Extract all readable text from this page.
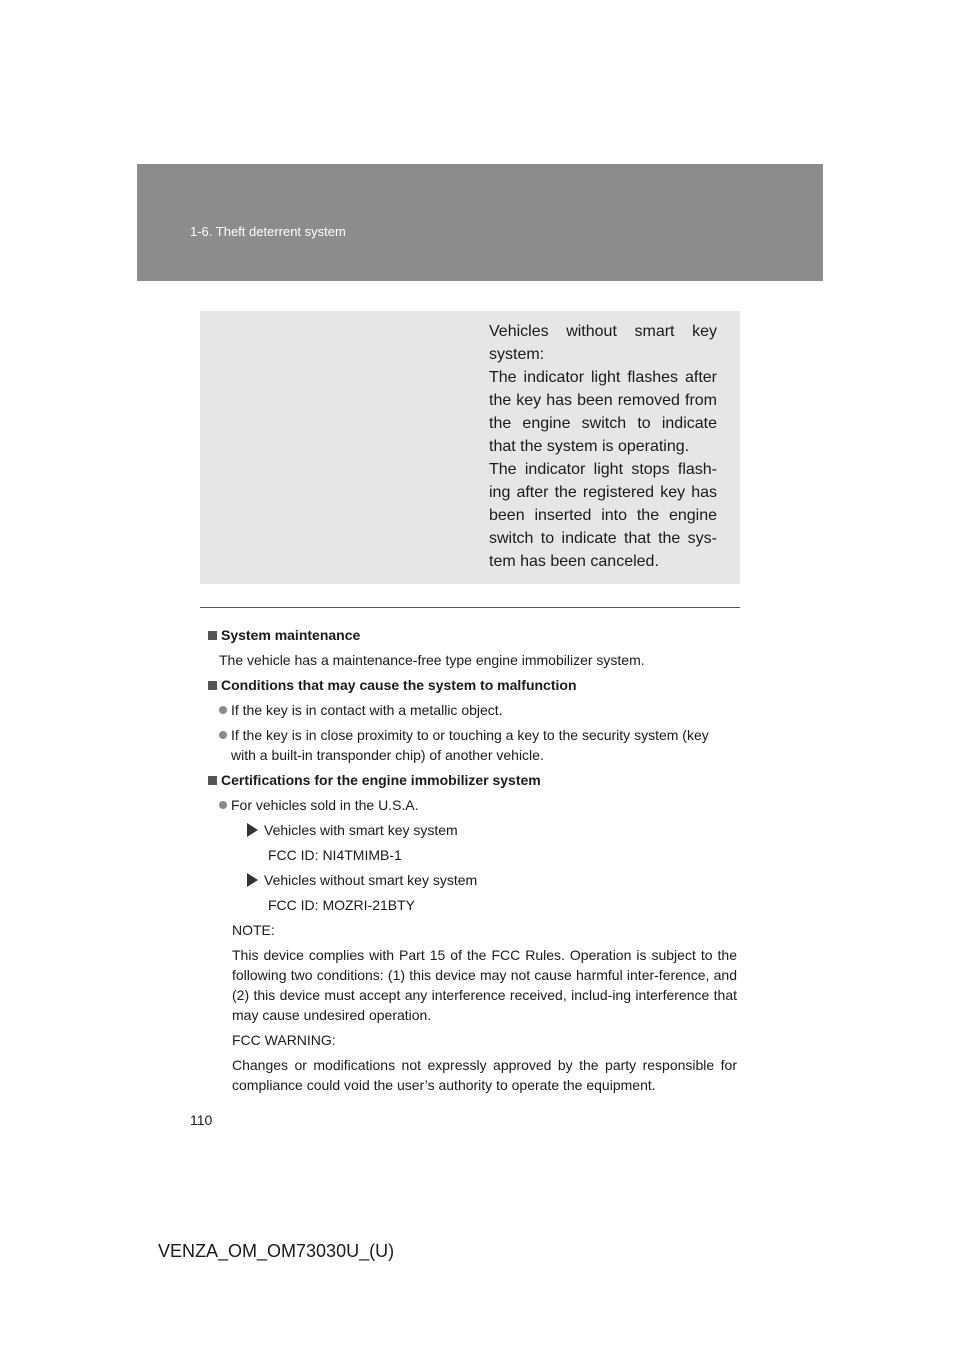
1-6. Theft deterrent system

Vehicles without smart key system:

The indicator light flashes after the key has been removed from the engine switch to indicate that the system is operating.

The indicator light stops flash-ing after the registered key has been inserted into the engine switch to indicate that the sys-tem has been canceled.

System maintenance

The vehicle has a maintenance-free type engine immobilizer system.

Conditions that may cause the system to malfunction

If the key is in contact with a metallic object.

If the key is in close proximity to or touching a key to the security system (key with a built-in transponder chip) of another vehicle.

Certifications for the engine immobilizer system

For vehicles sold in the U.S.A.

Vehicles with smart key system

FCC ID: NI4TMIMB-1

Vehicles without smart key system

FCC ID: MOZRI-21BTY

NOTE:

This device complies with Part 15 of the FCC Rules. Operation is subject to the following two conditions: (1) this device may not cause harmful inter-ference, and (2) this device must accept any interference received, includ-ing interference that may cause undesired operation.

FCC WARNING:

Changes or modifications not expressly approved by the party responsible for compliance could void the user’s authority to operate the equipment.

110
VENZA_OM_OM73030U_(U)
